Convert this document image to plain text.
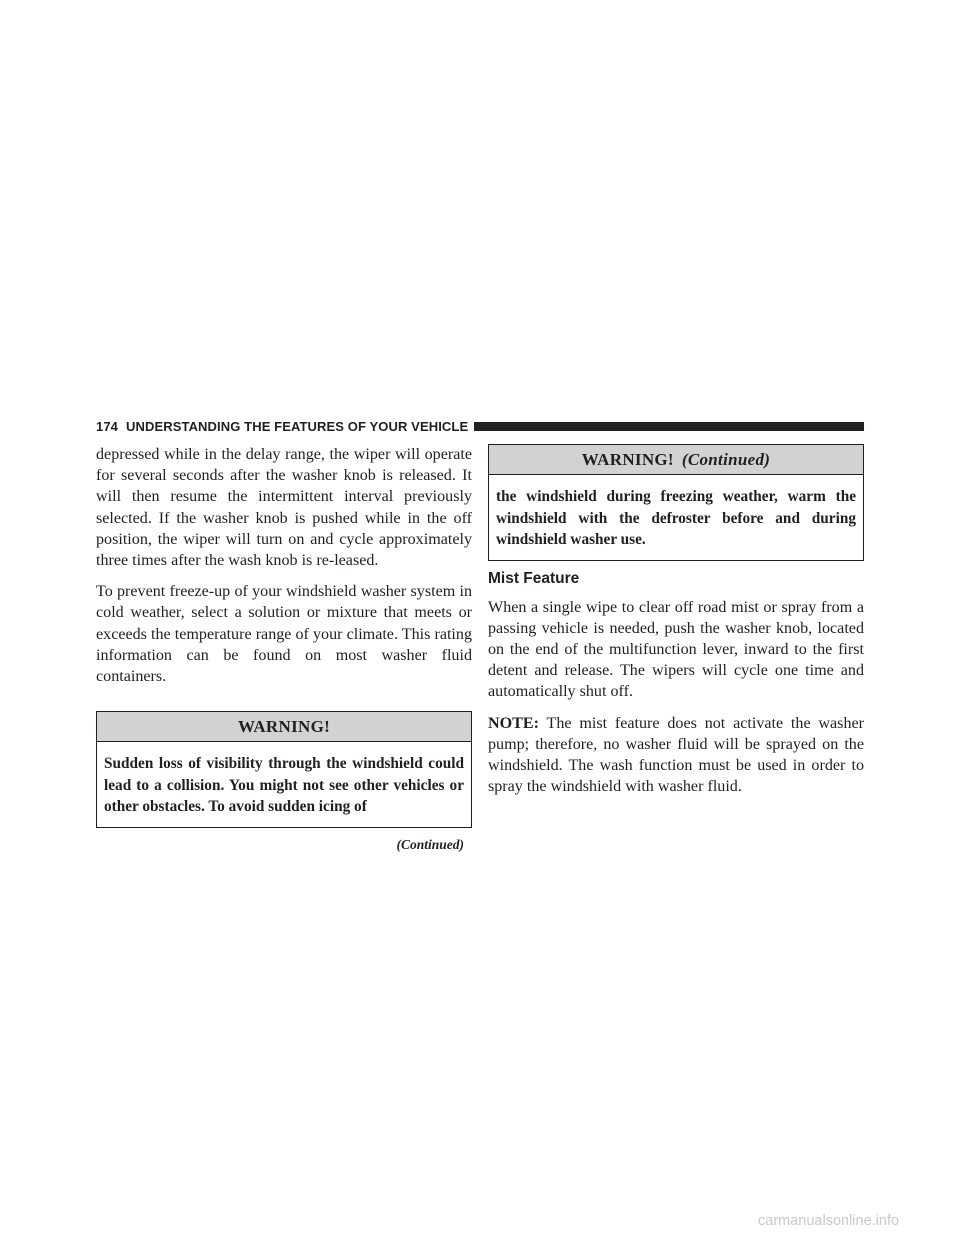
174 UNDERSTANDING THE FEATURES OF YOUR VEHICLE

depressed while in the delay range, the wiper will operate for several seconds after the washer knob is released. It will then resume the intermittent interval previously selected. If the washer knob is pushed while in the off position, the wiper will turn on and cycle approximately three times after the wash knob is re-leased.

To prevent freeze-up of your windshield washer system in cold weather, select a solution or mixture that meets or exceeds the temperature range of your climate. This rating information can be found on most washer fluid containers.

WARNING!
Sudden loss of visibility through the windshield could lead to a collision. You might not see other vehicles or other obstacles. To avoid sudden icing of
(Continued)
WARNING! (Continued)
the windshield during freezing weather, warm the windshield with the defroster before and during windshield washer use.
Mist Feature

When a single wipe to clear off road mist or spray from a passing vehicle is needed, push the washer knob, located on the end of the multifunction lever, inward to the first detent and release. The wipers will cycle one time and automatically shut off.

NOTE: The mist feature does not activate the washer pump; therefore, no washer fluid will be sprayed on the windshield. The wash function must be used in order to spray the windshield with washer fluid.

carmanualsonline.info
